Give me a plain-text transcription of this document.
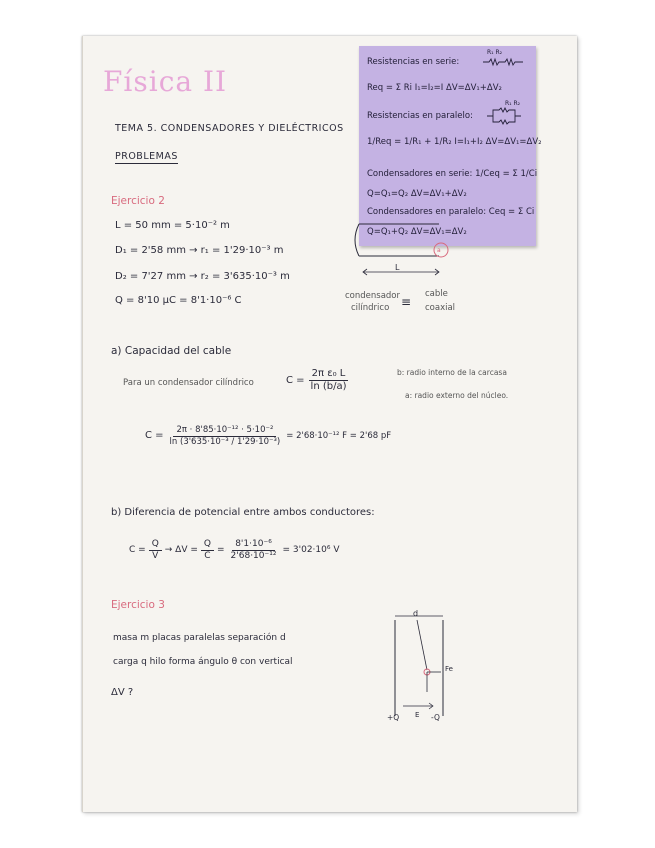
Física II
TEMA 5. CONDENSADORES Y DIELÉCTRICOS
PROBLEMAS
Resistencias en serie:
R₁ R₂
Req = Σ Ri I₁=I₂=I ΔV=ΔV₁+ΔV₂
Resistencias en paralelo:
R₁ R₂
1/Req = 1/R₁ + 1/R₂ I=I₁+I₂ ΔV=ΔV₁=ΔV₂
Condensadores en serie: 1/Ceq = Σ 1/Ci
Q=Q₁=Q₂ ΔV=ΔV₁+ΔV₂
Condensadores en paralelo: Ceq = Σ Ci
Q=Q₁+Q₂ ΔV=ΔV₁=ΔV₂
Ejercicio 2
L = 50 mm = 5·10⁻² m
D₁ = 2'58 mm → r₁ = 1'29·10⁻³ m
D₂ = 7'27 mm → r₂ = 3'635·10⁻³ m
Q = 8'10 μC = 8'1·10⁻⁶ C
a
L
condensador
cilíndrico ≡
cable
coaxial
a) Capacidad del cable
Para un condensador cilíndrico	$C = \frac{\text{2π ε₀ L}}{\ln (b/a)}$	b: radio interno de la carcasa
a: radio externo del núcleo.
$C = \frac{\text{2π · 8'85·10⁻¹² · 5·10⁻²}}{\text{ln (3'635·10⁻³ / 1'29·10⁻³)}} = 2'68\cdot 10^{-12}$ F = 2'68 pF
b) Diferencia de potencial entre ambos conductores:
$C = \frac{Q}{V} \to \Delta V = \frac{Q}{C} = \frac{\text{8'1·10⁻⁶}}{\text{2'68·10⁻¹²}} = 3'02\cdot 10^6$ V
Ejercicio 3
masa m placas paralelas separación d
carga q hilo forma ángulo θ con vertical
ΔV ?
d
Fe
E
+Q	-Q
